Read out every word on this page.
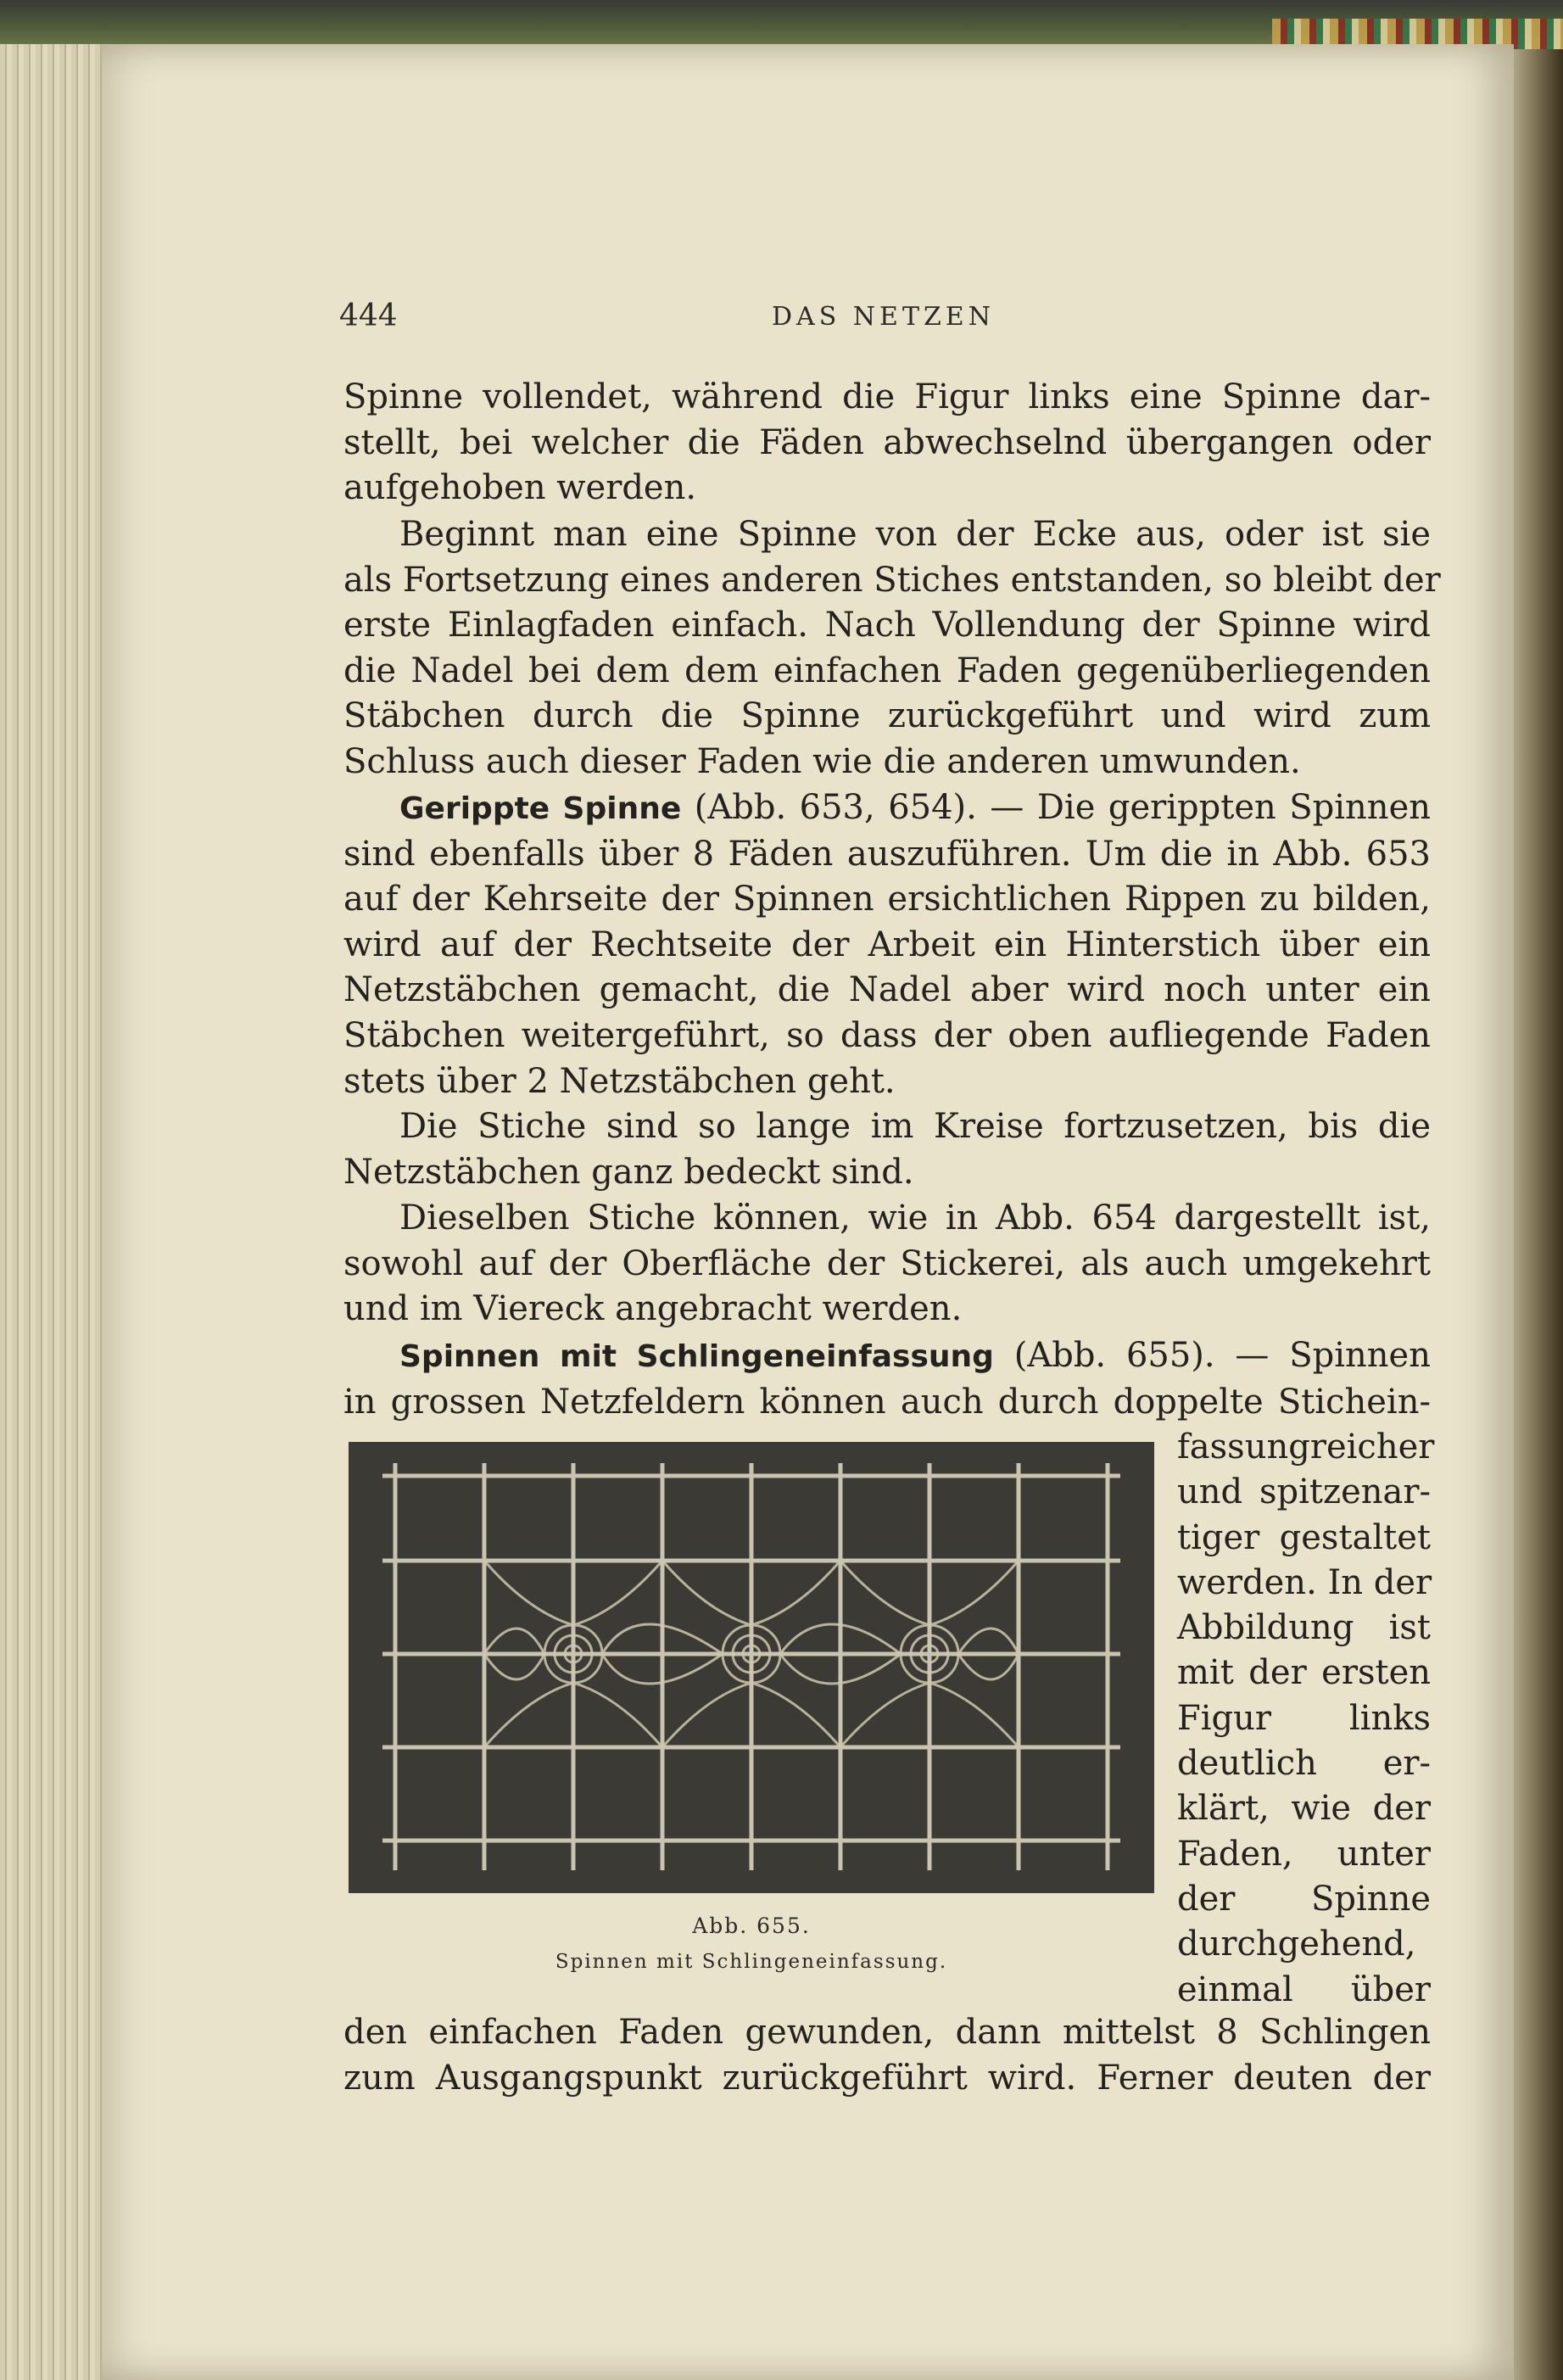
444	DAS NETZEN
Spinne vollendet, während die Figur links eine Spinne dar-
stellt, bei welcher die Fäden abwechselnd übergangen oder
aufgehoben werden.
Beginnt man eine Spinne von der Ecke aus, oder ist sie
als Fortsetzung eines anderen Stiches entstanden, so bleibt der
erste Einlagfaden einfach. Nach Vollendung der Spinne wird
die Nadel bei dem dem einfachen Faden gegenüberliegenden
Stäbchen durch die Spinne zurückgeführt und wird zum
Schluss auch dieser Faden wie die anderen umwunden.
Gerippte Spinne (Abb. 653, 654). — Die gerippten Spinnen
sind ebenfalls über 8 Fäden auszuführen. Um die in Abb. 653
auf der Kehrseite der Spinnen ersichtlichen Rippen zu bilden,
wird auf der Rechtseite der Arbeit ein Hinterstich über ein
Netzstäbchen gemacht, die Nadel aber wird noch unter ein
Stäbchen weitergeführt, so dass der oben aufliegende Faden
stets über 2 Netzstäbchen geht.
Die Stiche sind so lange im Kreise fortzusetzen, bis die
Netzstäbchen ganz bedeckt sind.
Dieselben Stiche können, wie in Abb. 654 dargestellt ist,
sowohl auf der Oberfläche der Stickerei, als auch umgekehrt
und im Viereck angebracht werden.
Spinnen mit Schlingeneinfassung (Abb. 655). — Spinnen
in grossen Netzfeldern können auch durch doppelte Stichein-
fassungreicher
und spitzenar-
tiger gestaltet
werden. In der
Abbildung ist
mit der ersten
Figur links
deutlich er-
klärt, wie der
Faden, unter
der Spinne
durchgehend,
einmal über
Abb. 655.
Spinnen mit Schlingeneinfassung.
den einfachen Faden gewunden, dann mittelst 8 Schlingen
zum Ausgangspunkt zurückgeführt wird. Ferner deuten der
